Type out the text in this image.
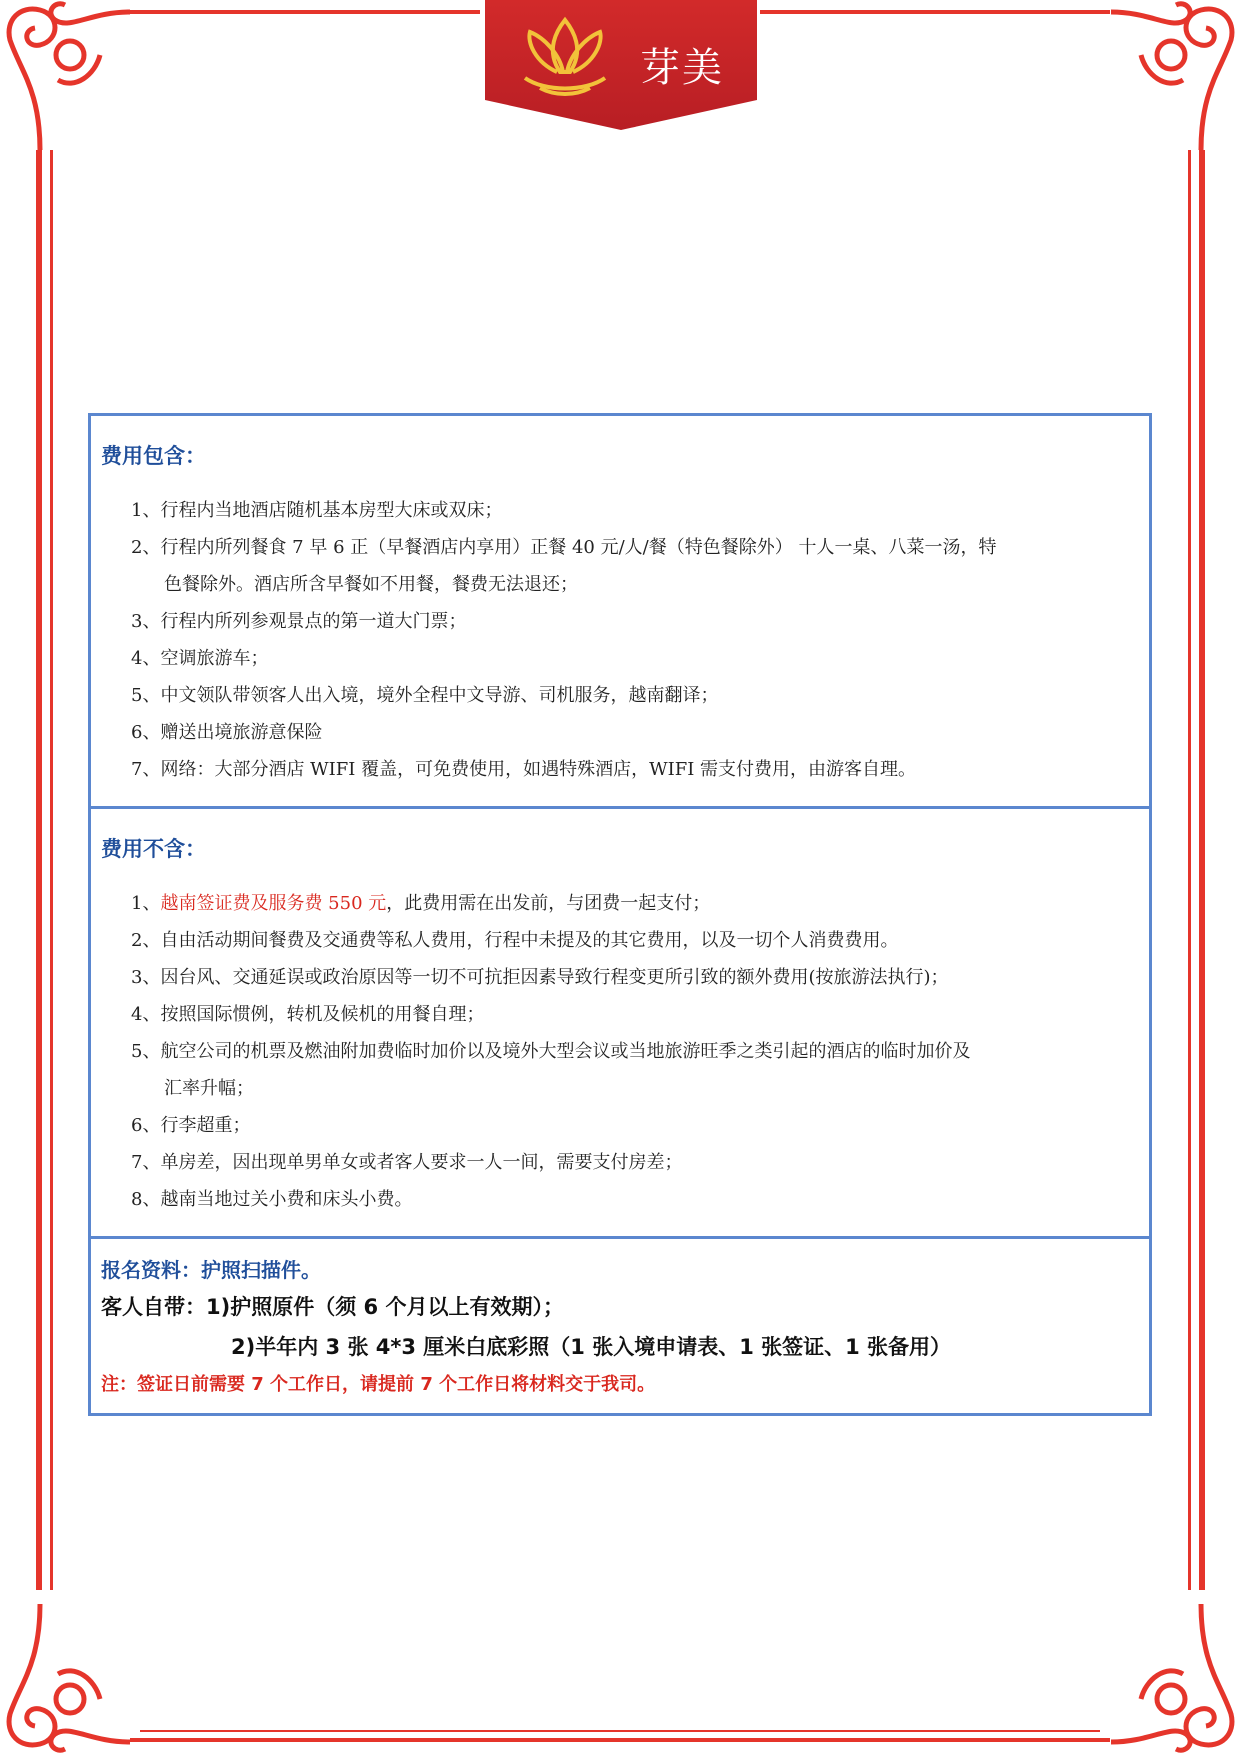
芽美
费用包含：
1、行程内当地酒店随机基本房型大床或双床；
2、行程内所列餐食 7 早 6 正（早餐酒店内享用）正餐 40 元/人/餐（特色餐除外） 十人一桌、八菜一汤，特
色餐除外。酒店所含早餐如不用餐，餐费无法退还；
3、行程内所列参观景点的第一道大门票；
4、空调旅游车；
5、中文领队带领客人出入境，境外全程中文导游、司机服务，越南翻译；
6、赠送出境旅游意保险
7、网络：大部分酒店 WIFI 覆盖，可免费使用，如遇特殊酒店，WIFI 需支付费用，由游客自理。
费用不含：
1、越南签证费及服务费 550 元，此费用需在出发前，与团费一起支付；
2、自由活动期间餐费及交通费等私人费用，行程中未提及的其它费用，以及一切个人消费费用。
3、因台风、交通延误或政治原因等一切不可抗拒因素导致行程变更所引致的额外费用(按旅游法执行)；
4、按照国际惯例，转机及候机的用餐自理；
5、航空公司的机票及燃油附加费临时加价以及境外大型会议或当地旅游旺季之类引起的酒店的临时加价及
汇率升幅；
6、行李超重；
7、单房差，因出现单男单女或者客人要求一人一间，需要支付房差；
8、越南当地过关小费和床头小费。
报名资料：护照扫描件。
客人自带：1)护照原件（须 6 个月以上有效期）；
2)半年内 3 张 4*3 厘米白底彩照（1 张入境申请表、1 张签证、1 张备用）
注：签证日前需要 7 个工作日，请提前 7 个工作日将材料交于我司。
